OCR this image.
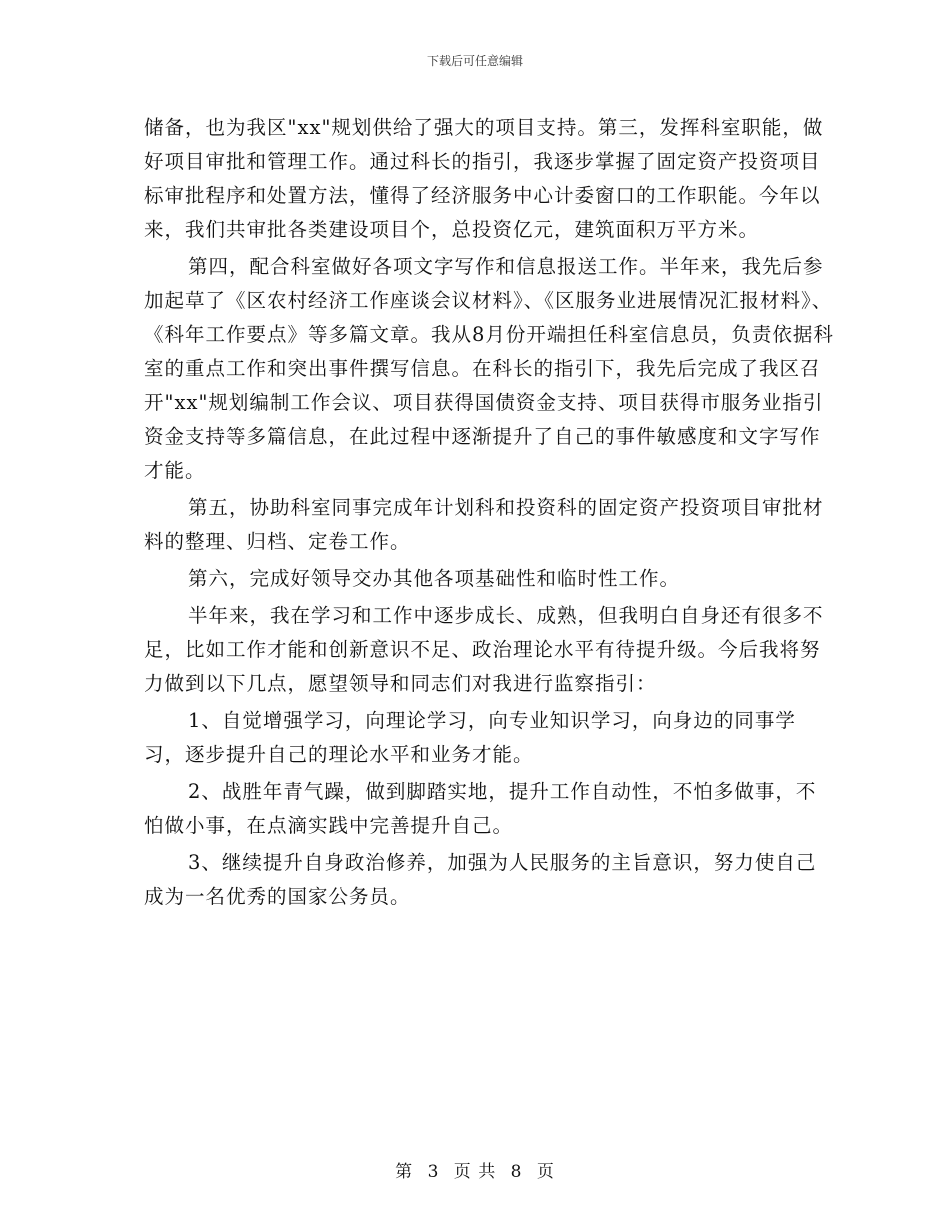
下载后可任意编辑

储备，也为我区"xx"规划供给了强大的项目支持。第三，发挥科室职能，做好项目审批和管理工作。通过科长的指引，我逐步掌握了固定资产投资项目标审批程序和处置方法，懂得了经济服务中心计委窗口的工作职能。今年以来，我们共审批各类建设项目个，总投资亿元，建筑面积万平方米。

第四，配合科室做好各项文字写作和信息报送工作。半年来，我先后参加起草了《区农村经济工作座谈会议材料》、《区服务业进展情况汇报材料》、《科年工作要点》等多篇文章。我从8月份开端担任科室信息员，负责依据科室的重点工作和突出事件撰写信息。在科长的指引下，我先后完成了我区召开"xx"规划编制工作会议、项目获得国债资金支持、项目获得市服务业指引资金支持等多篇信息，在此过程中逐渐提升了自己的事件敏感度和文字写作才能。

第五，协助科室同事完成年计划科和投资科的固定资产投资项目审批材料的整理、归档、定卷工作。

第六，完成好领导交办其他各项基础性和临时性工作。

半年来，我在学习和工作中逐步成长、成熟，但我明白自身还有很多不足，比如工作才能和创新意识不足、政治理论水平有待提升级。今后我将努力做到以下几点，愿望领导和同志们对我进行监察指引：

1、自觉增强学习，向理论学习，向专业知识学习，向身边的同事学习，逐步提升自己的理论水平和业务才能。

2、战胜年青气躁，做到脚踏实地，提升工作自动性，不怕多做事，不怕做小事，在点滴实践中完善提升自己。

3、继续提升自身政治修养，加强为人民服务的主旨意识，努力使自己成为一名优秀的国家公务员。

第 3 页 共 8 页
